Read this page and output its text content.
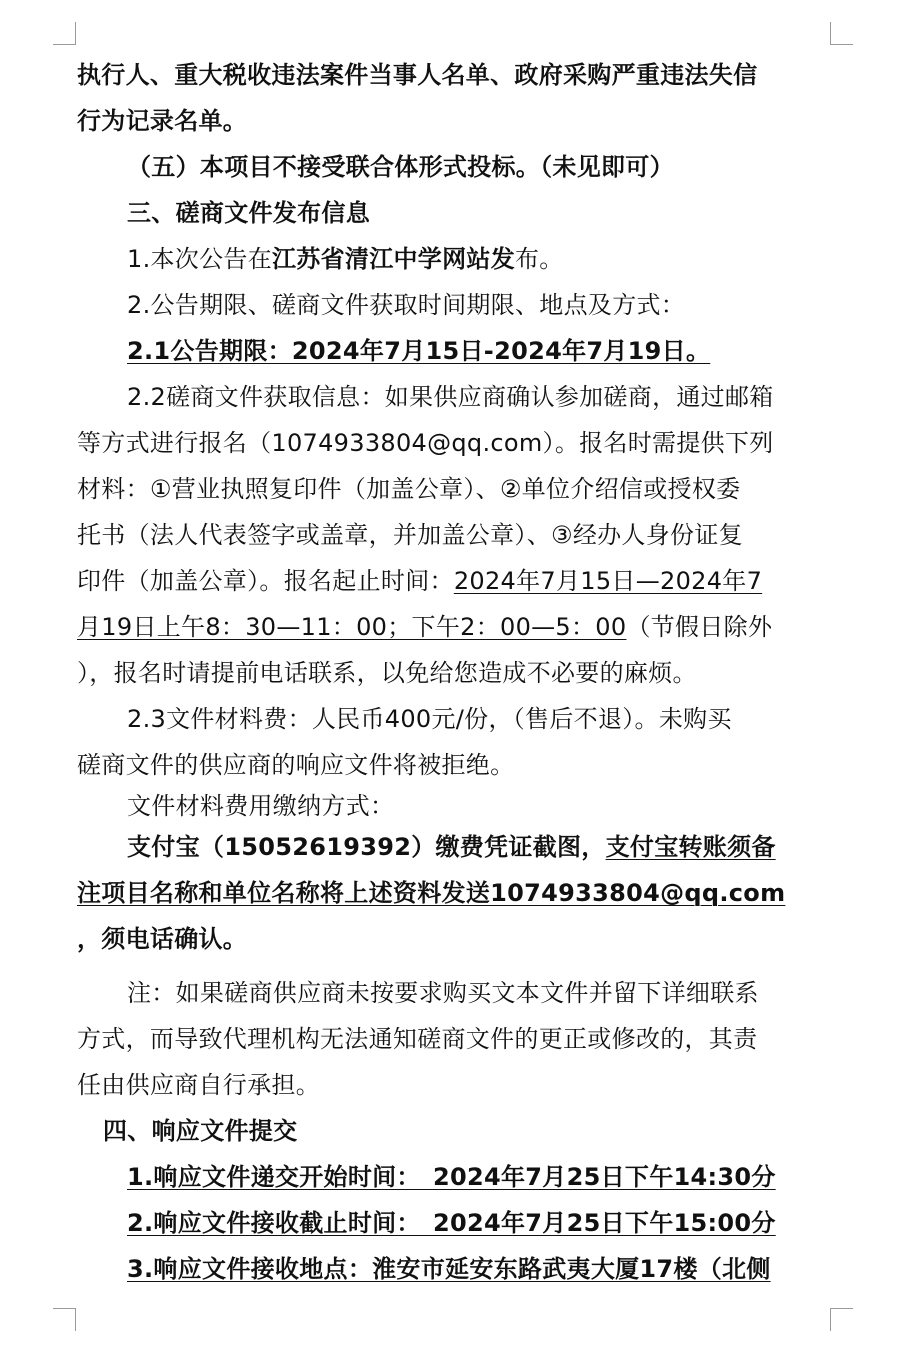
执行人、重大税收违法案件当事人名单、政府采购严重违法失信
行为记录名单。
（五）本项目不接受联合体形式投标。（未见即可）
三、磋商文件发布信息
1.本次公告在江苏省清江中学网站发布。
2.公告期限、磋商文件获取时间期限、地点及方式：
2.1公告期限：2024年7月15日-2024年7月19日。
2.2磋商文件获取信息：如果供应商确认参加磋商，通过邮箱
等方式进行报名（1074933804@qq.com）。报名时需提供下列
材料：①营业执照复印件（加盖公章）、②单位介绍信或授权委
托书（法人代表签字或盖章，并加盖公章）、③经办人身份证复
印件（加盖公章）。报名起止时间：2024年7月15日—2024年7
月19日上午8：30—11：00；下午2：00—5：00（节假日除外
），报名时请提前电话联系，以免给您造成不必要的麻烦。
2.3文件材料费：人民币400元/份，（售后不退）。未购买
磋商文件的供应商的响应文件将被拒绝。
文件材料费用缴纳方式：
支付宝（15052619392）缴费凭证截图，支付宝转账须备
注项目名称和单位名称将上述资料发送1074933804@qq.com
，须电话确认。
注：如果磋商供应商未按要求购买文本文件并留下详细联系
方式，而导致代理机构无法通知磋商文件的更正或修改的，其责
任由供应商自行承担。
四、响应文件提交
1.响应文件递交开始时间：　2024年7月25日下午14:30分
2.响应文件接收截止时间：　2024年7月25日下午15:00分
3.响应文件接收地点：淮安市延安东路武夷大厦17楼（北侧
